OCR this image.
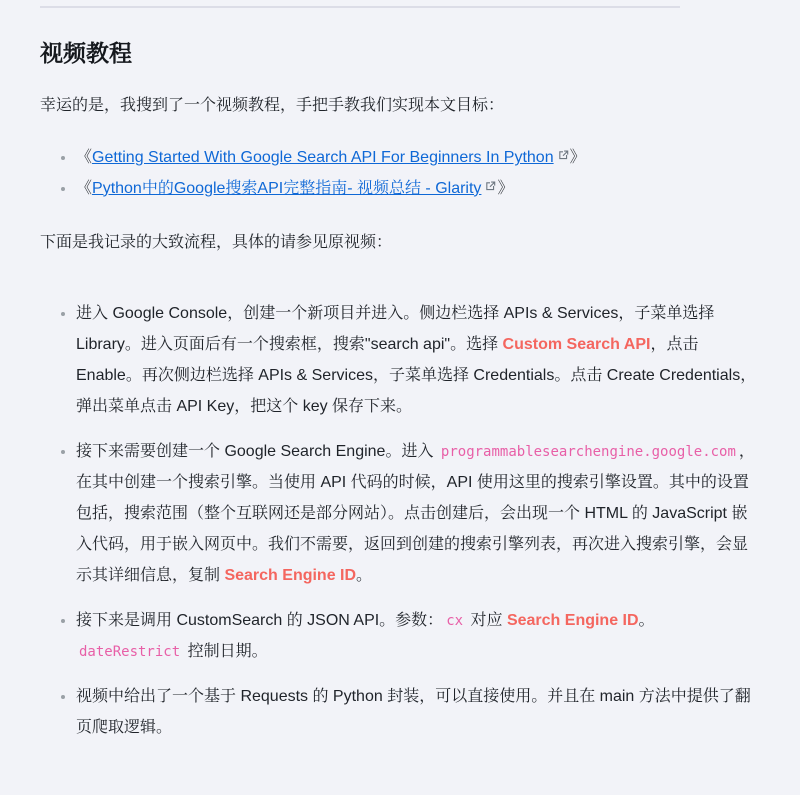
视频教程

幸运的是，我搜到了一个视频教程，手把手教我们实现本文目标：

• 《Getting Started With Google Search API For Beginners In Python 》
• 《Python中的Google搜索API完整指南- 视频总结 - Glarity 》

下面是我记录的大致流程，具体的请参见原视频：

• 进入 Google Console，创建一个新项目并进入。侧边栏选择 APIs & Services，子菜单选择 Library。进入页面后有一个搜索框，搜索"search api"。选择 Custom Search API，点击 Enable。再次侧边栏选择 APIs & Services，子菜单选择 Credentials。点击 Create Credentials，弹出菜单点击 API Key，把这个 key 保存下来。
• 接下来需要创建一个 Google Search Engine。进入 programmablesearchengine.google.com ，在其中创建一个搜索引擎。当使用 API 代码的时候，API 使用这里的搜索引擎设置。其中的设置包括，搜索范围（整个互联网还是部分网站）。点击创建后，会出现一个 HTML 的 JavaScript 嵌入代码，用于嵌入网页中。我们不需要，返回到创建的搜索引擎列表，再次进入搜索引擎，会显示其详细信息，复制 Search Engine ID。
• 接下来是调用 CustomSearch 的 JSON API。参数： cx 对应 Search Engine ID。dateRestrict 控制日期。
• 视频中给出了一个基于 Requests 的 Python 封装，可以直接使用。并且在 main 方法中提供了翻页爬取逻辑。
